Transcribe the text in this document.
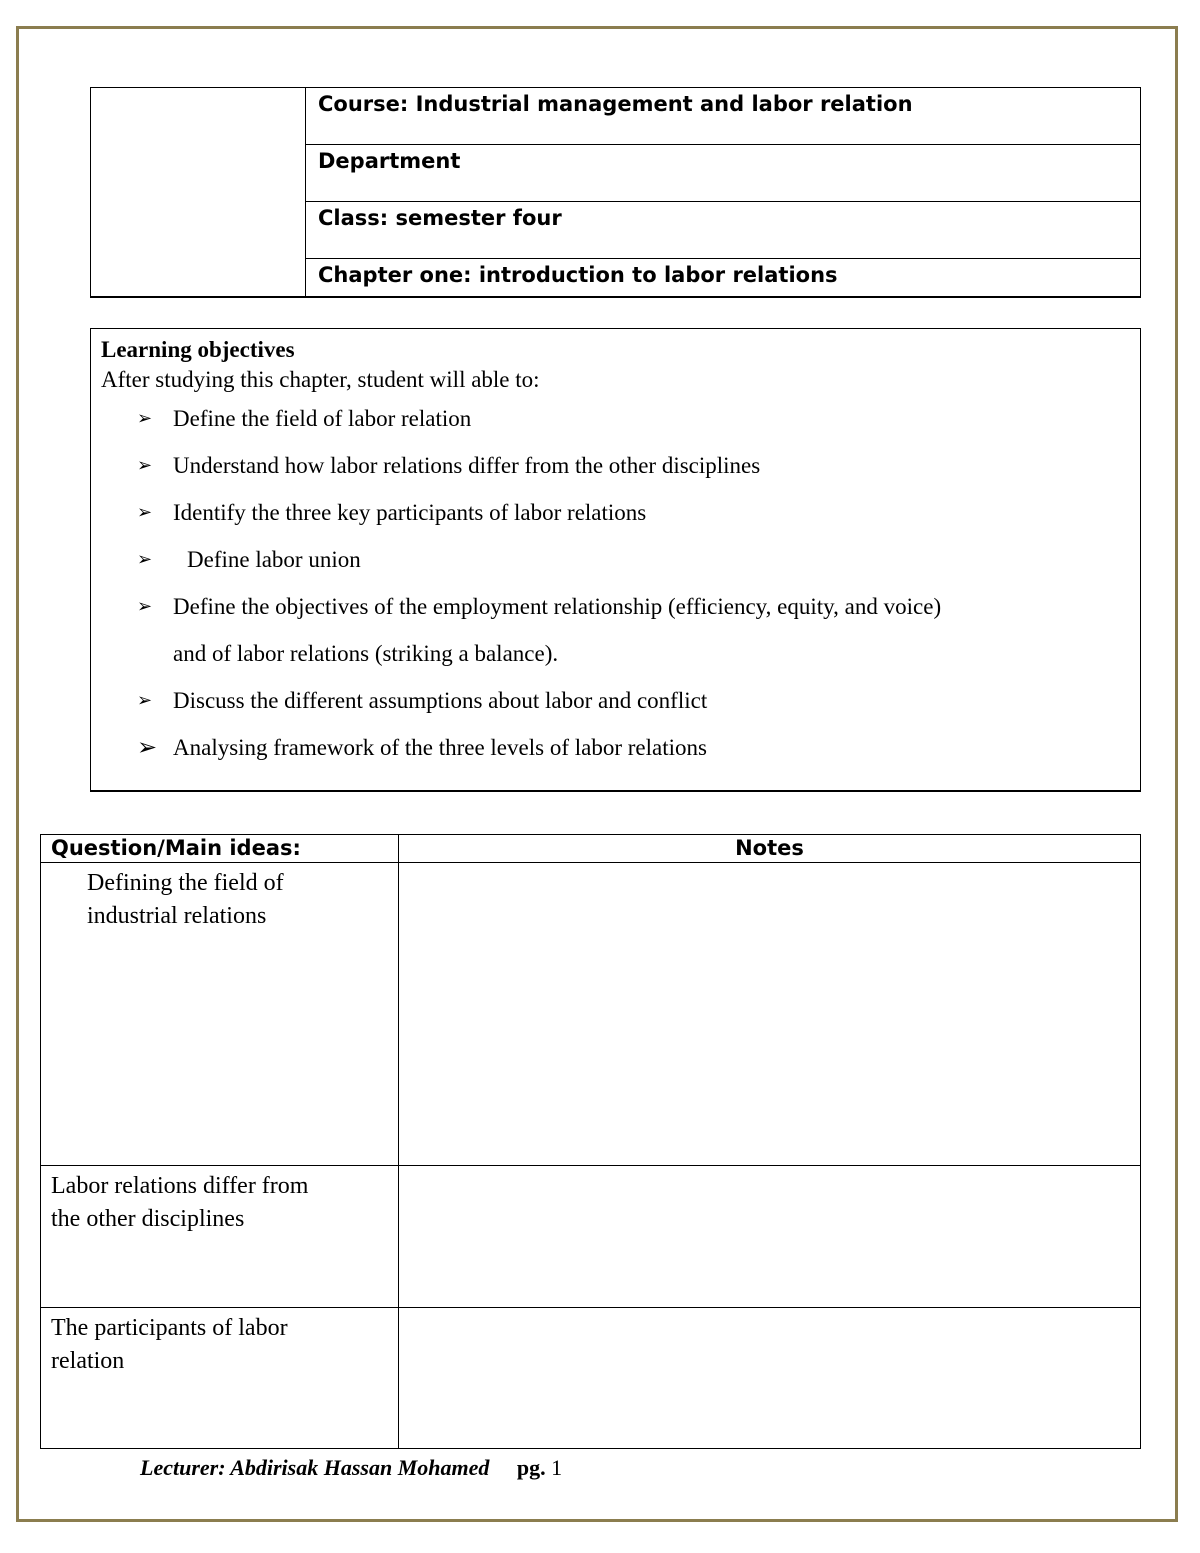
Course: Industrial management and labor relation
Department
Class: semester four
Chapter one: introduction to labor relations
Learning objectives
After studying this chapter, student will able to:
➢ Define the field of labor relation
➢ Understand how labor relations differ from the other disciplines
➢ Identify the three key participants of labor relations
➢ Define labor union
➢ Define the objectives of the employment relationship (efficiency, equity, and voice)
and of labor relations (striking a balance).
➢ Discuss the different assumptions about labor and conflict
➢ Analysing framework of the three levels of labor relations
Question/Main ideas:	Notes

Defining the field of
industrial relations	

Labor relations differ from
the other disciplines	

The participants of labor
relation	

Lecturer: Abdirisak Hassan Mohamed pg. 1
